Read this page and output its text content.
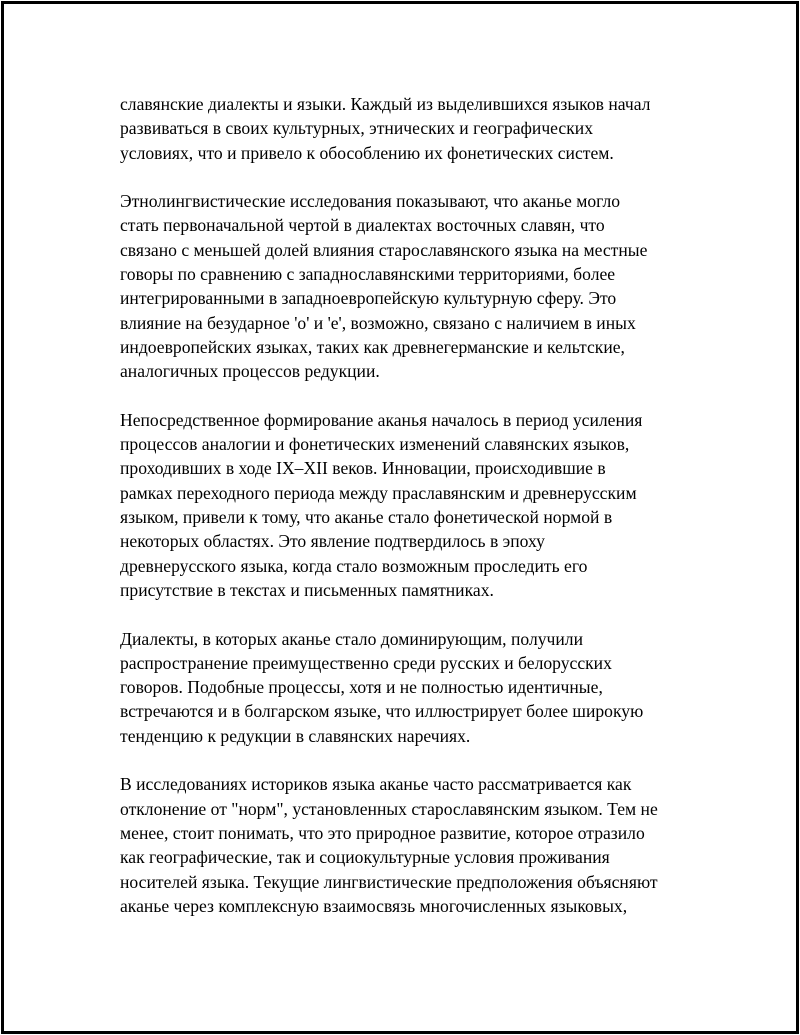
славянские диалекты и языки. Каждый из выделившихся языков начал
развиваться в своих культурных, этнических и географических
условиях, что и привело к обособлению их фонетических систем.

Этнолингвистические исследования показывают, что аканье могло
стать первоначальной чертой в диалектах восточных славян, что
связано с меньшей долей влияния старославянского языка на местные
говоры по сравнению с западнославянскими территориями, более
интегрированными в западноевропейскую культурную сферу. Это
влияние на безударное 'о' и 'е', возможно, связано с наличием в иных
индоевропейских языках, таких как древнегерманские и кельтские,
аналогичных процессов редукции.

Непосредственное формирование аканья началось в период усиления
процессов аналогии и фонетических изменений славянских языков,
проходивших в ходе IX–XII веков. Инновации, происходившие в
рамках переходного периода между праславянским и древнерусским
языком, привели к тому, что аканье стало фонетической нормой в
некоторых областях. Это явление подтвердилось в эпоху
древнерусского языка, когда стало возможным проследить его
присутствие в текстах и письменных памятниках.

Диалекты, в которых аканье стало доминирующим, получили
распространение преимущественно среди русских и белорусских
говоров. Подобные процессы, хотя и не полностью идентичные,
встречаются и в болгарском языке, что иллюстрирует более широкую
тенденцию к редукции в славянских наречиях.

В исследованиях историков языка аканье часто рассматривается как
отклонение от "норм", установленных старославянским языком. Тем не
менее, стоит понимать, что это природное развитие, которое отразило
как географические, так и социокультурные условия проживания
носителей языка. Текущие лингвистические предположения объясняют
аканье через комплексную взаимосвязь многочисленных языковых,
